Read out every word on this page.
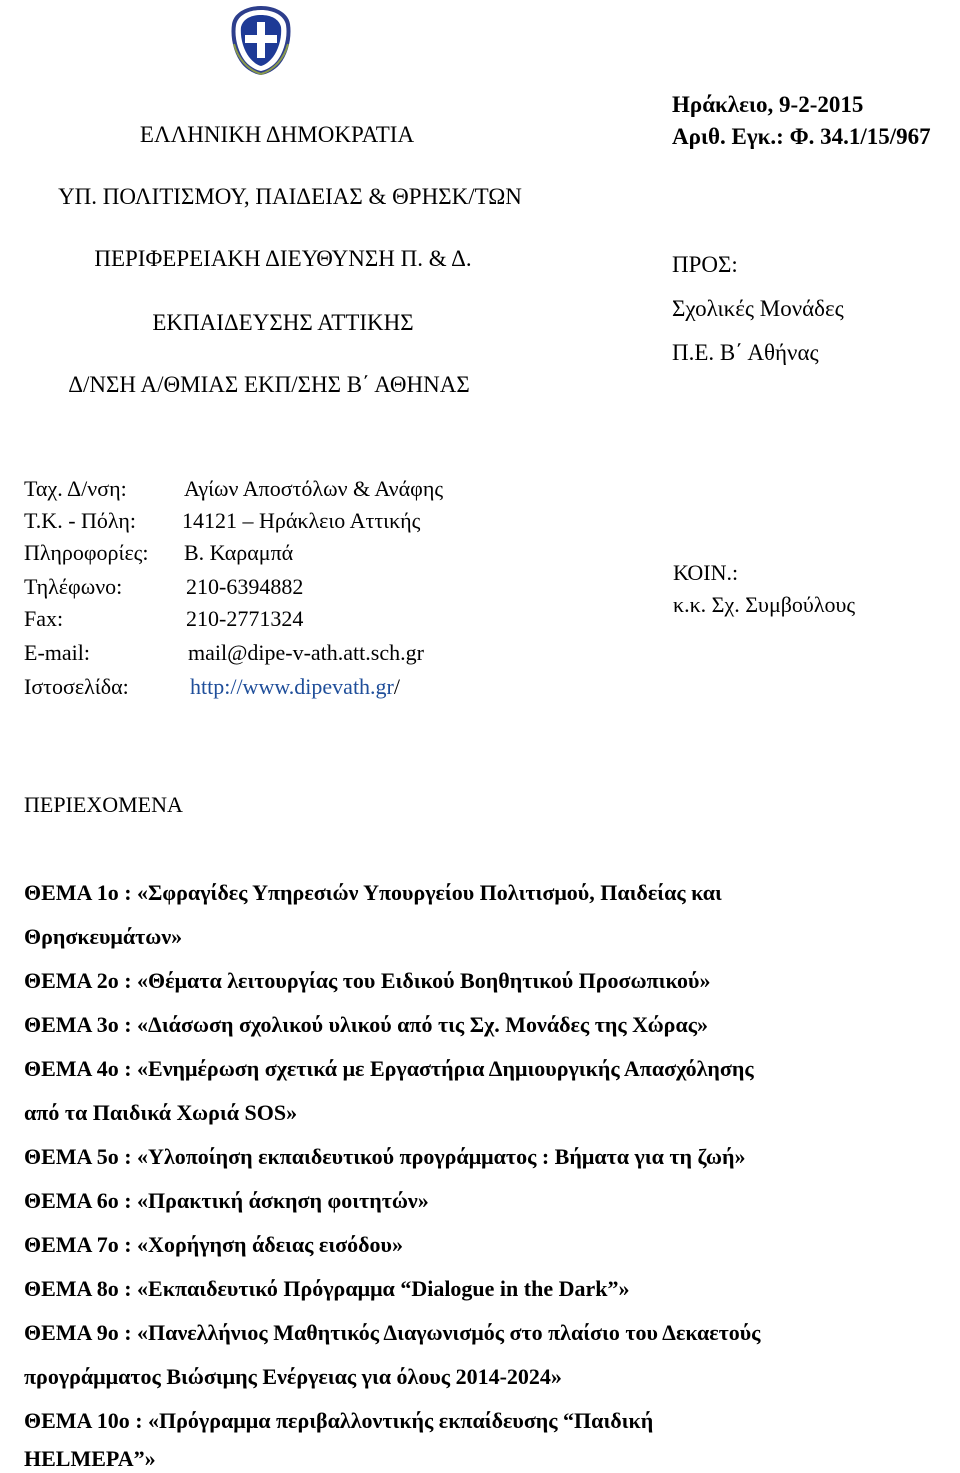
ΕΛΛΗΝΙΚΗ ΔΗΜΟΚΡΑΤΙΑ
ΥΠ. ΠΟΛΙΤΙΣΜΟΥ, ΠΑΙΔΕΙΑΣ & ΘΡΗΣΚ/ΤΩΝ
ΠΕΡΙΦΕΡΕΙΑΚΗ ΔΙΕΥΘΥΝΣΗ Π. & Δ.
ΕΚΠΑΙΔΕΥΣΗΣ ΑΤΤΙΚΗΣ
Δ/ΝΣΗ Α/ΘΜΙΑΣ ΕΚΠ/ΣΗΣ Β΄ ΑΘΗΝΑΣ
Ηράκλειο, 9-2-2015
Αριθ. Εγκ.: Φ. 34.1/15/967
ΠΡΟΣ:
Σχολικές Μονάδες
Π.Ε. Β΄ Αθήνας
Ταχ. Δ/νση:	Αγίων Αποστόλων & Ανάφης
Τ.Κ. - Πόλη: 14121 – Ηράκλειο Αττικής
Πληροφορίες: Β. Καραμπά
Τηλέφωνο:	210-6394882
Fax:	210-2771324
E-mail:	mail@dipe-v-ath.att.sch.gr
Ιστοσελίδα:	http://www.dipevath.gr/
ΚΟΙΝ.:
κ.κ. Σχ. Συμβούλους
ΠΕΡΙΕΧΟΜΕΝΑ
ΘΕΜΑ 1ο : «Σφραγίδες Υπηρεσιών Υπουργείου Πολιτισμού, Παιδείας και
Θρησκευμάτων»
ΘΕΜΑ 2ο : «Θέματα λειτουργίας του Ειδικού Βοηθητικού Προσωπικού»
ΘΕΜΑ 3ο : «Διάσωση σχολικού υλικού από τις Σχ. Μονάδες της Χώρας»
ΘΕΜΑ 4ο : «Ενημέρωση σχετικά με Εργαστήρια Δημιουργικής Απασχόλησης
από τα Παιδικά Χωριά SOS»
ΘΕΜΑ 5ο : «Υλοποίηση εκπαιδευτικού προγράμματος : Βήματα για τη ζωή»
ΘΕΜΑ 6ο : «Πρακτική άσκηση φοιτητών»
ΘΕΜΑ 7ο : «Χορήγηση άδειας εισόδου»
ΘΕΜΑ 8ο : «Εκπαιδευτικό Πρόγραμμα “Dialogue in the Dark”»
ΘΕΜΑ 9ο : «Πανελλήνιος Μαθητικός Διαγωνισμός στο πλαίσιο του Δεκαετούς
προγράμματος Βιώσιμης Ενέργειας για όλους 2014-2024»
ΘΕΜΑ 10ο : «Πρόγραμμα περιβαλλοντικής εκπαίδευσης “Παιδική
HELMEPA”»
